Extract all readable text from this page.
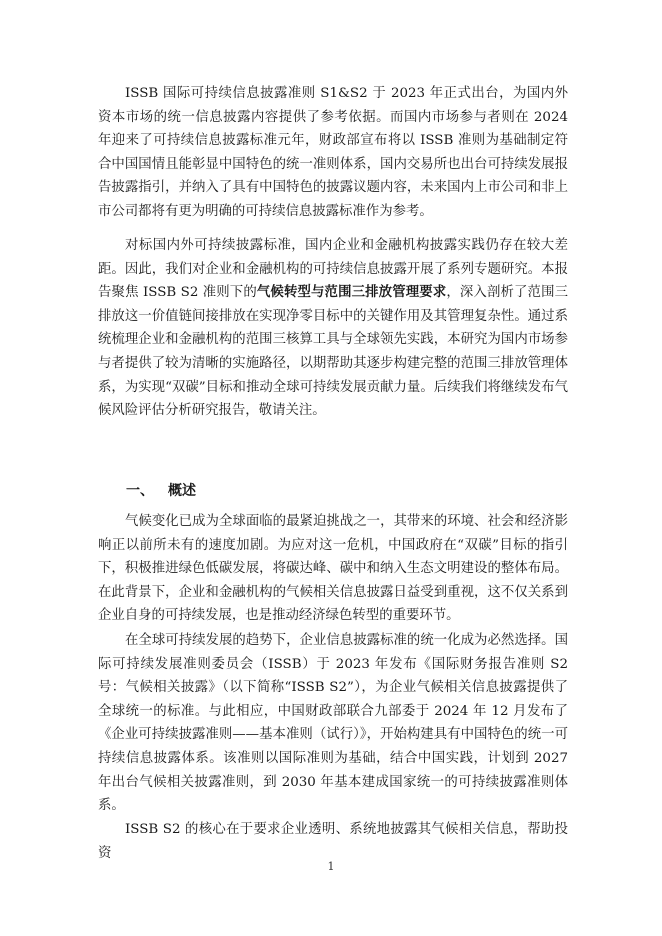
ISSB 国际可持续信息披露准则 S1&S2 于 2023 年正式出台，为国内外资本市场的统一信息披露内容提供了参考依据。而国内市场参与者则在 2024 年迎来了可持续信息披露标准元年，财政部宣布将以 ISSB 准则为基础制定符合中国国情且能彰显中国特色的统一准则体系，国内交易所也出台可持续发展报告披露指引，并纳入了具有中国特色的披露议题内容，未来国内上市公司和非上市公司都将有更为明确的可持续信息披露标准作为参考。

对标国内外可持续披露标准，国内企业和金融机构披露实践仍存在较大差距。因此，我们对企业和金融机构的可持续信息披露开展了系列专题研究。本报告聚焦 ISSB S2 准则下的气候转型与范围三排放管理要求，深入剖析了范围三排放这一价值链间接排放在实现净零目标中的关键作用及其管理复杂性。通过系统梳理企业和金融机构的范围三核算工具与全球领先实践，本研究为国内市场参与者提供了较为清晰的实施路径，以期帮助其逐步构建完整的范围三排放管理体系，为实现“双碳”目标和推动全球可持续发展贡献力量。后续我们将继续发布气候风险评估分析研究报告，敬请关注。

一、 概述

气候变化已成为全球面临的最紧迫挑战之一，其带来的环境、社会和经济影响正以前所未有的速度加剧。为应对这一危机，中国政府在“双碳”目标的指引下，积极推进绿色低碳发展，将碳达峰、碳中和纳入生态文明建设的整体布局。在此背景下，企业和金融机构的气候相关信息披露日益受到重视，这不仅关系到企业自身的可持续发展，也是推动经济绿色转型的重要环节。

在全球可持续发展的趋势下，企业信息披露标准的统一化成为必然选择。国际可持续发展准则委员会（ISSB）于 2023 年发布《国际财务报告准则 S2 号：气候相关披露》（以下简称“ISSB S2”），为企业气候相关信息披露提供了全球统一的标准。与此相应，中国财政部联合九部委于 2024 年 12 月发布了《企业可持续披露准则——基本准则（试行）》，开始构建具有中国特色的统一可持续信息披露体系。该准则以国际准则为基础，结合中国实践，计划到 2027 年出台气候相关披露准则，到 2030 年基本建成国家统一的可持续披露准则体系。

ISSB S2 的核心在于要求企业透明、系统地披露其气候相关信息，帮助投资

1
